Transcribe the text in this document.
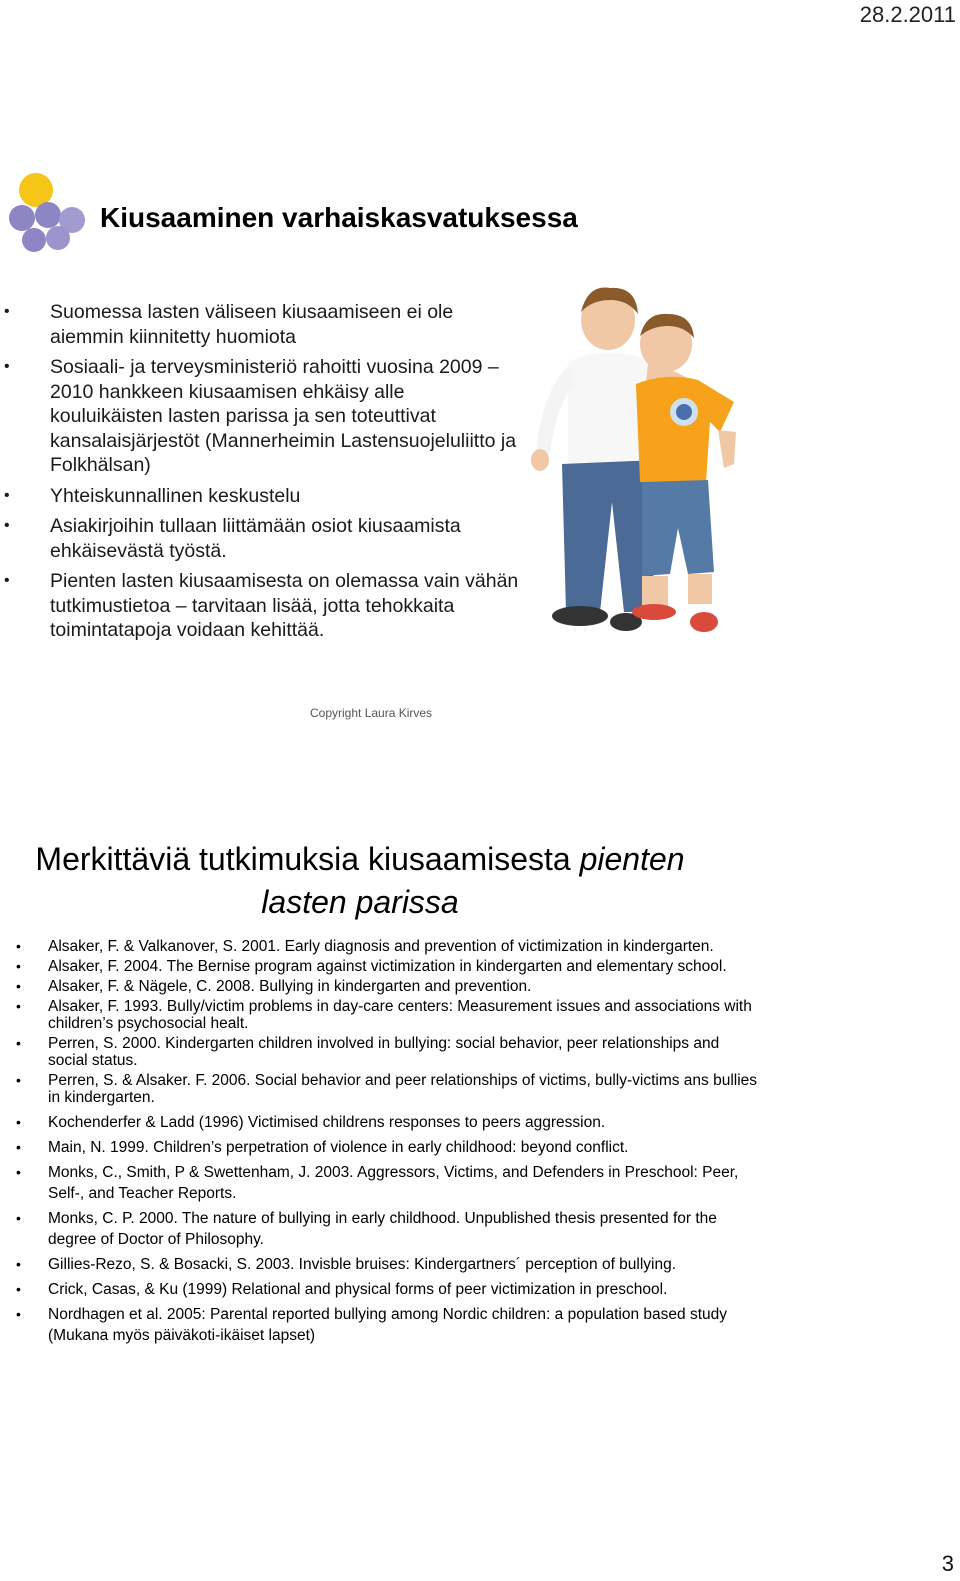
28.2.2011
Kiusaaminen varhaiskasvatuksessa
• Suomessa lasten väliseen kiusaamiseen ei ole aiemmin kiinnitetty huomiota
• Sosiaali- ja terveysministeriö rahoitti vuosina 2009 – 2010 hankkeen kiusaamisen ehkäisy alle kouluikäisten lasten parissa ja sen toteuttivat kansalaisjärjestöt (Mannerheimin Lastensuojeluliitto ja Folkhälsan)
• Yhteiskunnallinen keskustelu
• Asiakirjoihin tullaan liittämään osiot kiusaamista ehkäisevästä työstä.
• Pienten lasten kiusaamisesta on olemassa vain vähän tutkimustietoa – tarvitaan lisää, jotta tehokkaita toimintatapoja voidaan kehittää.
Copyright Laura Kirves
Merkittäviä tutkimuksia kiusaamisesta pienten lasten parissa
• Alsaker, F. & Valkanover, S. 2001. Early diagnosis and prevention of victimization in kindergarten.
• Alsaker, F. 2004. The Bernise program against victimization in kindergarten and elementary school.
• Alsaker, F. & Nägele, C. 2008. Bullying in kindergarten and prevention.
• Alsaker, F. 1993. Bully/victim problems in day-care centers: Measurement issues and associations with children’s psychosocial healt.
• Perren, S. 2000. Kindergarten children involved in bullying: social behavior, peer relationships and social status.
• Perren, S. & Alsaker. F. 2006. Social behavior and peer relationships of victims, bully-victims ans bullies in kindergarten.
• Kochenderfer & Ladd (1996) Victimised childrens responses to peers aggression.
• Main, N. 1999. Children’s perpetration of violence in early childhood: beyond conflict.
• Monks, C., Smith, P & Swettenham, J. 2003. Aggressors, Victims, and Defenders in Preschool: Peer, Self-, and Teacher Reports.
• Monks, C. P. 2000. The nature of bullying in early childhood. Unpublished thesis presented for the degree of Doctor of Philosophy.
• Gillies-Rezo, S. & Bosacki, S. 2003. Invisble bruises: Kindergartners´ perception of bullying.
• Crick, Casas, & Ku (1999) Relational and physical forms of peer victimization in preschool.
• Nordhagen et al. 2005: Parental reported bullying among Nordic children: a population based study (Mukana myös päiväkoti-ikäiset lapset)
3
